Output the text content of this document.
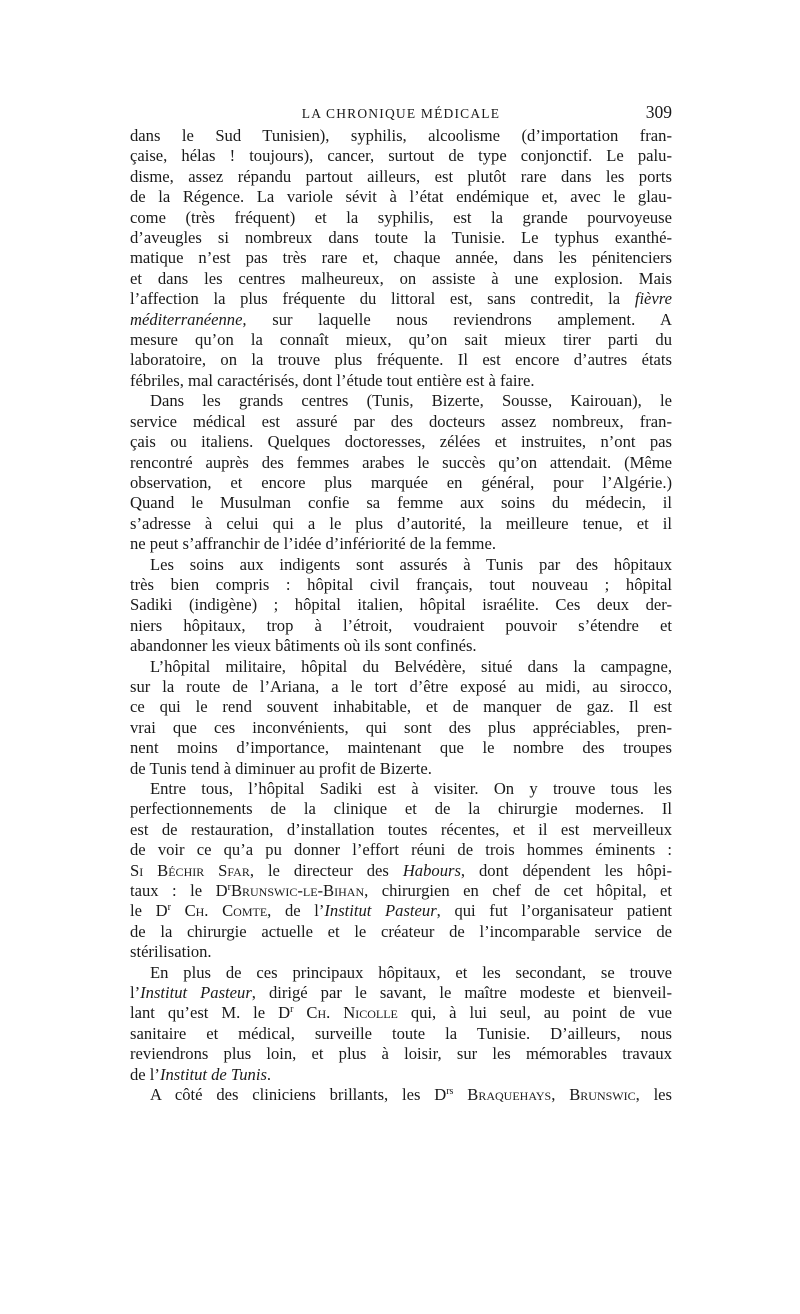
LA CHRONIQUE MÉDICALE	309

dans le Sud Tunisien), syphilis, alcoolisme (d’importation fran-
çaise, hélas ! toujours), cancer, surtout de type conjonctif. Le palu-
disme, assez répandu partout ailleurs, est plutôt rare dans les ports
de la Régence. La variole sévit à l’état endémique et, avec le glau-
come (très fréquent) et la syphilis, est la grande pourvoyeuse
d’aveugles si nombreux dans toute la Tunisie. Le typhus exanthé-
matique n’est pas très rare et, chaque année, dans les pénitenciers
et dans les centres malheureux, on assiste à une explosion. Mais
l’affection la plus fréquente du littoral est, sans contredit, la fièvre
méditerranéenne, sur laquelle nous reviendrons amplement. A
mesure qu’on la connaît mieux, qu’on sait mieux tirer parti du
laboratoire, on la trouve plus fréquente. Il est encore d’autres états
fébriles, mal caractérisés, dont l’étude tout entière est à faire.

Dans les grands centres (Tunis, Bizerte, Sousse, Kairouan), le
service médical est assuré par des docteurs assez nombreux, fran-
çais ou italiens. Quelques doctoresses, zélées et instruites, n’ont pas
rencontré auprès des femmes arabes le succès qu’on attendait. (Même
observation, et encore plus marquée en général, pour l’Algérie.)
Quand le Musulman confie sa femme aux soins du médecin, il
s’adresse à celui qui a le plus d’autorité, la meilleure tenue, et il
ne peut s’affranchir de l’idée d’infériorité de la femme.

Les soins aux indigents sont assurés à Tunis par des hôpitaux
très bien compris : hôpital civil français, tout nouveau ; hôpital
Sadiki (indigène) ; hôpital italien, hôpital israélite. Ces deux der-
niers hôpitaux, trop à l’étroit, voudraient pouvoir s’étendre et
abandonner les vieux bâtiments où ils sont confinés.

L’hôpital militaire, hôpital du Belvédère, situé dans la campagne,
sur la route de l’Ariana, a le tort d’être exposé au midi, au sirocco,
ce qui le rend souvent inhabitable, et de manquer de gaz. Il est
vrai que ces inconvénients, qui sont des plus appréciables, pren-
nent moins d’importance, maintenant que le nombre des troupes
de Tunis tend à diminuer au profit de Bizerte.

Entre tous, l’hôpital Sadiki est à visiter. On y trouve tous les
perfectionnements de la clinique et de la chirurgie modernes. Il
est de restauration, d’installation toutes récentes, et il est merveilleux
de voir ce qu’a pu donner l’effort réuni de trois hommes éminents :
Si Béchir Sfar, le directeur des Habours, dont dépendent les hôpi-
taux : le $D^rBrunswic-le$-Bihan, chirurgien en chef de cet hôpital, et
le $D^r$ Ch. Comte, de l’Institut Pasteur, qui fut l’organisateur patient
de la chirurgie actuelle et le créateur de l’incomparable service de
stérilisation.

En plus de ces principaux hôpitaux, et les secondant, se trouve
l’Institut Pasteur, dirigé par le savant, le maître modeste et bienveil-
lant qu’est M. le $D^r$ Ch. Nicolle qui, à lui seul, au point de vue
sanitaire et médical, surveille toute la Tunisie. D’ailleurs, nous
reviendrons plus loin, et plus à loisir, sur les mémorables travaux
de l’Institut de Tunis.

A côté des cliniciens brillants, les $D^{rs}$ Braquehays, Brunswic, les
